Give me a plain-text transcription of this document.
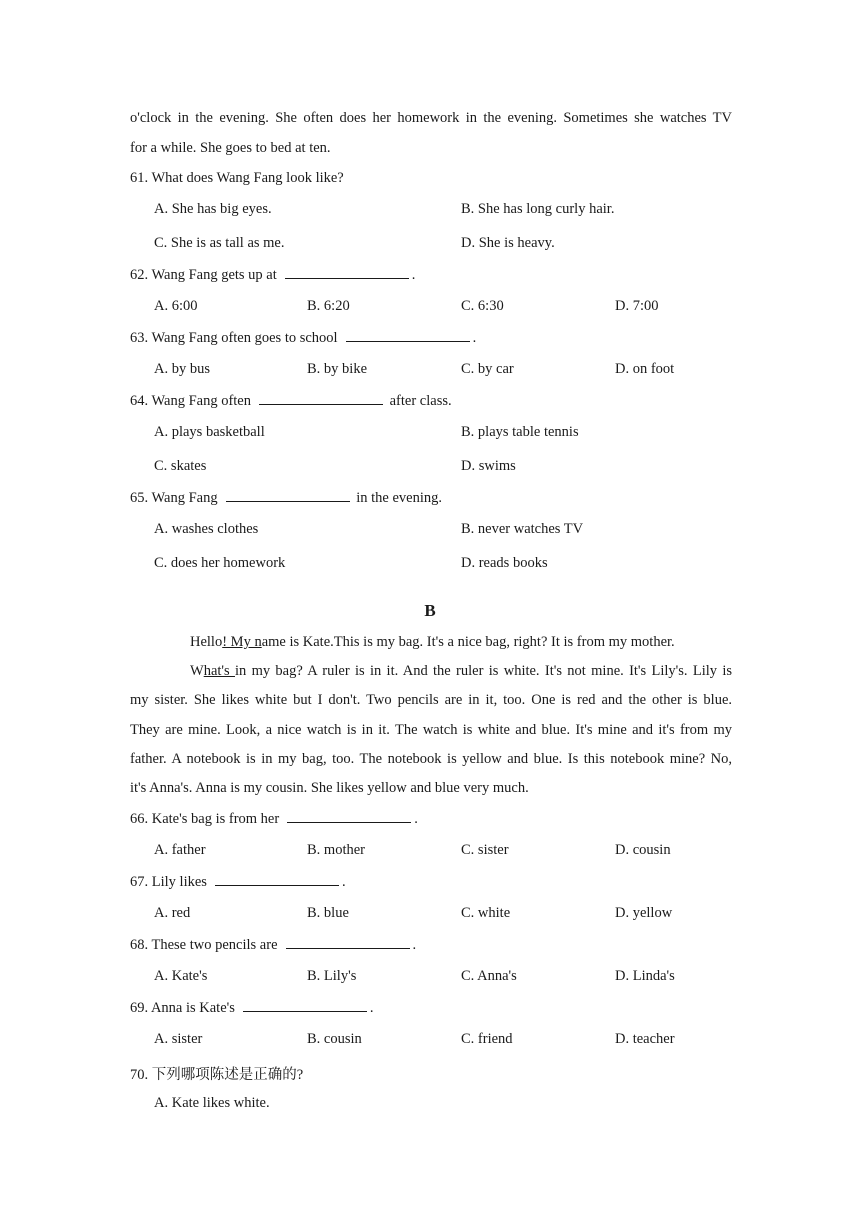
o'clock in the evening. She often does her homework in the evening. Sometimes she watches TV
for a while. She goes to bed at ten.
61. What does Wang Fang look like?
A. She has big eyes.	B. She has long curly hair.
C. She is as tall as me.	D. She is heavy.
62. Wang Fang gets up at	.
A. 6:00	B. 6:20	C. 6:30	D. 7:00
63. Wang Fang often goes to school	.
A. by bus	B. by bike	C. by car	D. on foot
64. Wang Fang often	after class.
A. plays basketball	B. plays table tennis
C. skates	D. swims
65. Wang Fang	in the evening.
A. washes clothes	B. never watches TV
C. does her homework	D. reads books
B
Hello! My name is Kate.This is my bag. It's a nice bag, right? It is from my mother.
What's in my bag? A ruler is in it. And the ruler is white. It's not mine. It's Lily's. Lily is
my sister. She likes white but I don't. Two pencils are in it, too. One is red and the other is blue.
They are mine. Look, a nice watch is in it. The watch is white and blue. It's mine and it's from my
father. A notebook is in my bag, too. The notebook is yellow and blue. Is this notebook mine? No,
it's Anna's. Anna is my cousin. She likes yellow and blue very much.
66. Kate's bag is from her	.
A. father	B. mother	C. sister	D. cousin
67. Lily likes	.
A. red	B. blue	C. white	D. yellow
68. These two pencils are	.
A. Kate's	B. Lily's	C. Anna's	D. Linda's
69. Anna is Kate's	.
A. sister	B. cousin	C. friend	D. teacher
70. 下列哪项陈述是正确的?
A. Kate likes white.
